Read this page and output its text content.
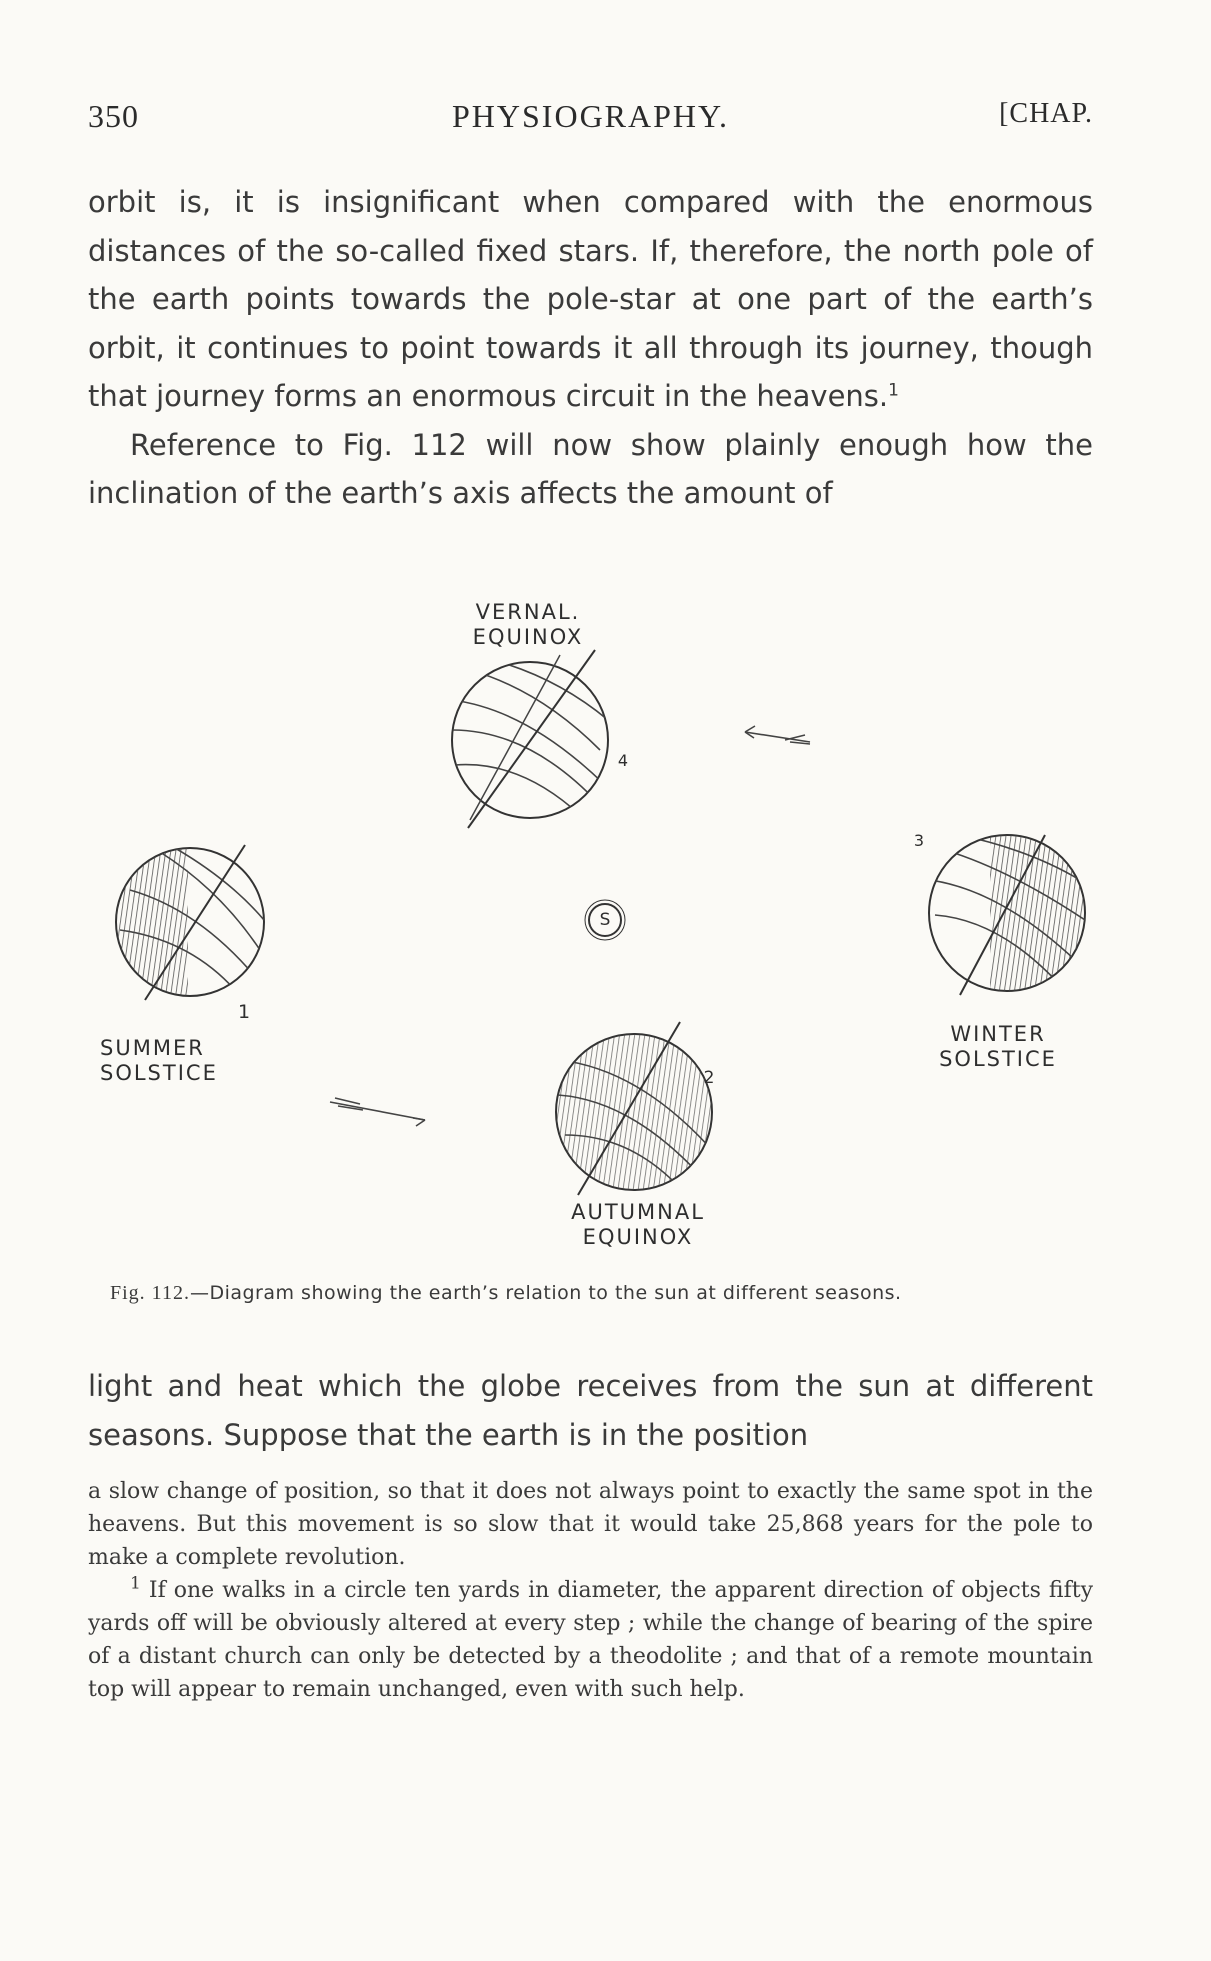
350	PHYSIOGRAPHY.	[CHAP.

orbit is, it is insignificant when compared with the enormous distances of the so-called fixed stars. If, therefore, the north pole of the earth points towards the pole-star at one part of the earth’s orbit, it continues to point towards it all through its journey, though that journey forms an enormous circuit in the heavens.$^1$

Reference to Fig. 112 will now show plainly enough how the inclination of the earth’s axis affects the amount of

VERNAL. EQUINOX
SUMMER SOLSTICE
WINTER SOLSTICE
AUTUMNAL EQUINOX
1
2
3
4
S
Fig. 112.—Diagram showing the earth’s relation to the sun at different seasons.

light and heat which the globe receives from the sun at different seasons. Suppose that the earth is in the position

a slow change of position, so that it does not always point to exactly the same spot in the heavens. But this movement is so slow that it would take 25,868 years for the pole to make a complete revolution.

$^1$ If one walks in a circle ten yards in diameter, the apparent direction of objects fifty yards off will be obviously altered at every step ; while the change of bearing of the spire of a distant church can only be detected by a theodolite ; and that of a remote mountain top will appear to remain unchanged, even with such help.
